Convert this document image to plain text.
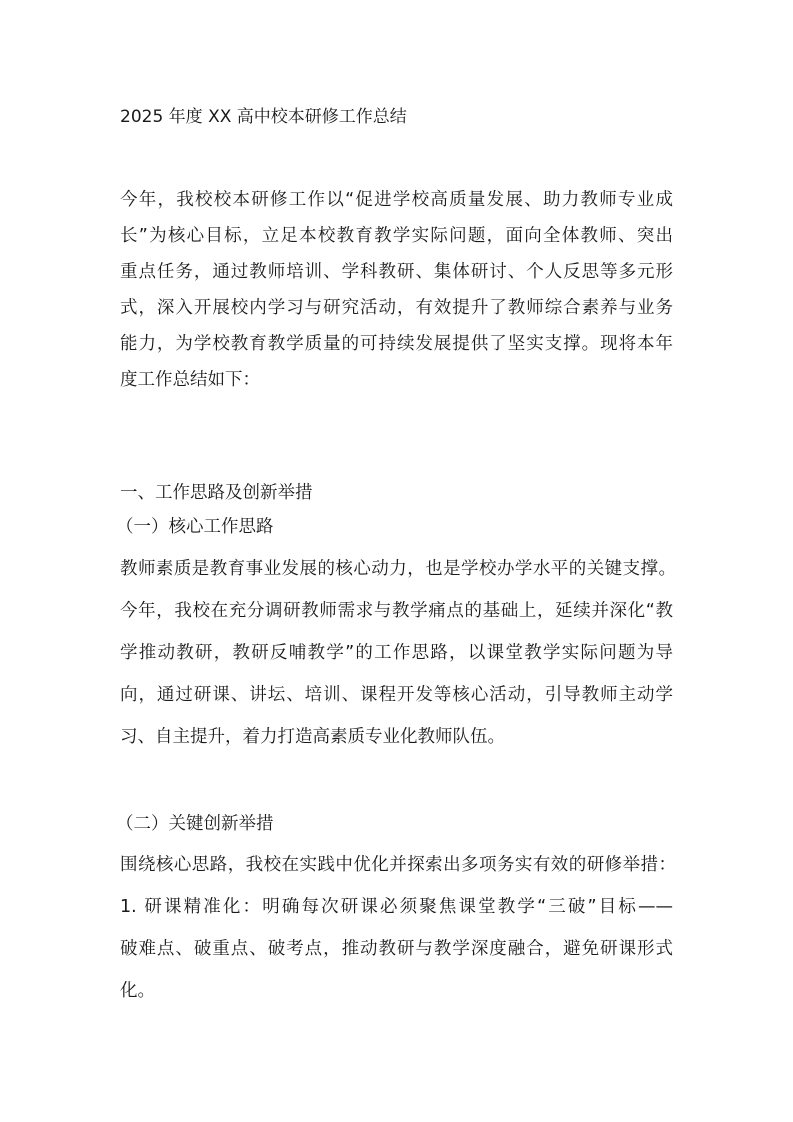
2025 年度 XX 高中校本研修工作总结
今年，我校校本研修工作以“促进学校高质量发展、助力教师专业成
长”为核心目标，立足本校教育教学实际问题，面向全体教师、突出
重点任务，通过教师培训、学科教研、集体研讨、个人反思等多元形
式，深入开展校内学习与研究活动，有效提升了教师综合素养与业务
能力，为学校教育教学质量的可持续发展提供了坚实支撑。现将本年
度工作总结如下：
一、工作思路及创新举措
（一）核心工作思路
教师素质是教育事业发展的核心动力，也是学校办学水平的关键支撑。
今年，我校在充分调研教师需求与教学痛点的基础上，延续并深化“教
学推动教研，教研反哺教学”的工作思路，以课堂教学实际问题为导
向，通过研课、讲坛、培训、课程开发等核心活动，引导教师主动学
习、自主提升，着力打造高素质专业化教师队伍。
（二）关键创新举措
围绕核心思路，我校在实践中优化并探索出多项务实有效的研修举措：
1. 研课精准化：明确每次研课必须聚焦课堂教学“三破”目标——
破难点、破重点、破考点，推动教研与教学深度融合，避免研课形式
化。
